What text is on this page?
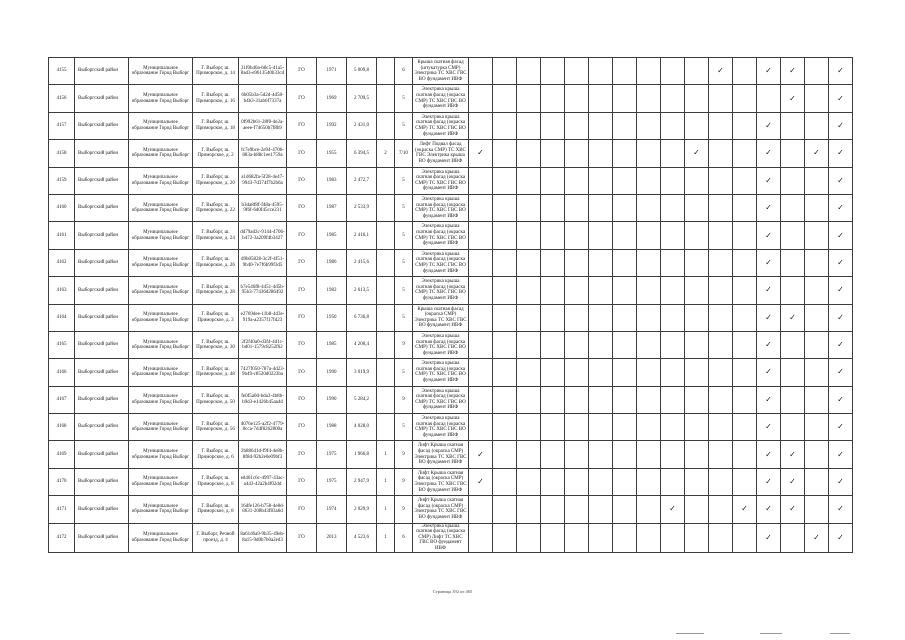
4155	Выборгский район	Муниципальное образование Город Выборг	Г. Выборг, ш. Приморское, д. 14	31f0b40a-b8c5-41a5-8ad3-e9613540b33cd	ГО	1971	5 009,8		6	Крыша скатная фасад (штукатурка СМР) Электрика ТС ХВС ГВС ВО фундамент ИВФ											✓		✓	✓		✓
4156	Выборгский район	Муниципальное образование Город Выборг	Г. Выборг, ш. Приморское, д. 16	6b05b3a-5d2d-4d58-b4b3-31ab6f7337a	ГО	1969	2 709,5		5	Электрика крыша скатная фасад (окраска СМР) ТС ХВС ГВС ВО фундамент ИВФ														✓		✓
4157	Выборгский район	Муниципальное образование Город Выборг	Г. Выборг, ш. Приморское, д. 18	0f992b61-28f0-4e2a-aeee-f74650b7f8b9	ГО	1992	2 431,0		5	Электрика крыша скатная фасад (окраска СМР) ТС ХВС ГВС ВО фундамент ИВФ													✓			✓
4158	Выборгский район	Муниципальное образование Город Выборг	Г. Выборг, ш. Приморское, д. 2	fc7e9bce-2e94-4706-883a-b88c1ee1759a	ГО	1955	6 394,5	2	7/10	Лифт Подвал фасад (окраска СМР) ТС ХВС ГВС Электрика крыша ВО фундамент ИВФ	✓									✓			✓		✓	✓
4159	Выборгский район	Муниципальное образование Город Выборг	Г. Выборг, ш. Приморское, д. 20	a1d682fa-5f28-4e47-9943-7d374f7b2b6a	ГО	1983	2 472,7		5	Электрика крыша скатная фасад (окраска СМР) ТС ХВС ГВС ВО фундамент ИВФ													✓			✓
4160	Выборгский район	Муниципальное образование Город Выборг	Г. Выборг, ш. Приморское, д. 22	b3da8f8f-f48a-4595-9f6f-6d0f45cce231	ГО	1987	2 533,9		5	Электрика крыша скатная фасад (окраска СМР) ТС ХВС ГВС ВО фундамент ИВФ													✓			✓
4161	Выборгский район	Муниципальное образование Город Выборг	Г. Выборг, ш. Приморское, д. 24	dd79ad2c-9144-4706-b472-3a209f4b3427	ГО	1985	2 416,1		5	Электрика крыша скатная фасад (окраска СМР) ТС ХВС ГВС ВО фундамент ИВФ													✓			✓
4162	Выборгский район	Муниципальное образование Город Выборг	Г. Выборг, ш. Приморское, д. 26	d9b05828-3c2f-4f51-9b40-7e7f6b99f3d5	ГО	1986	2 415,6		5	Электрика крыша скатная фасад (окраска СМР) ТС ХВС ГВС ВО фундамент ИВФ													✓			✓
4163	Выборгский район	Муниципальное образование Город Выборг	Г. Выборг, ш. Приморское, д. 28	b7e546f8-4451-4d5b-95b3-77436d286492	ГО	1982	2 613,5		5	Электрика крыша скатная фасад (окраска СМР) ТС ХВС ГВС ВО фундамент ИВФ													✓			✓
4164	Выборгский район	Муниципальное образование Город Выборг	Г. Выборг, ш. Приморское, д. 3	e2769dee-11b8-4d3e-919a-a2357f17fd23	ГО	1950	6 736,8		5	Крыша скатная фасад (окраска СМР) Электрика ТС ХВС ГВС ВО фундамент ИВФ													✓	✓		✓
4165	Выборгский район	Муниципальное образование Город Выборг	Г. Выборг, ш. Приморское, д. 30	2f2f40a0-d3f4-4d1c-bd01-1579c8252f62	ГО	1985	4 200,4		9	Электрика крыша скатная фасад (окраска СМР) ТС ХВС ГВС ВО фундамент ИВФ													✓			✓
4166	Выборгский район	Муниципальное образование Город Выборг	Г. Выборг, ш. Приморское, д. 48	7427f050-787a-4d23-9b49-c8520d0223ba	ГО	1990	3 019,9		5	Электрика крыша скатная фасад (окраска СМР) ТС ХВС ГВС ВО фундамент ИВФ													✓			✓
4167	Выборгский район	Муниципальное образование Город Выборг	Г. Выборг, ш. Приморское, д. 50	fe0f5a0d-bda3-4b8b-b9d3-e1426b45aa4d	ГО	1990	5 284,2		9	Электрика крыша скатная фасад (окраска СМР) ТС ХВС ГВС ВО фундамент ИВФ													✓			✓
4168	Выборгский район	Муниципальное образование Город Выборг	Г. Выборг, ш. Приморское, д. 56	4076e125-a2f2-4779-8cca-7d4f8262800a	ГО	1988	4 028,0		5	Электрика крыша скатная фасад (окраска СМР) ТС ХВС ГВС ВО фундамент ИВФ													✓			✓
4169	Выборгский район	Муниципальное образование Город Выборг	Г. Выборг, ш. Приморское, д. 6	2b88641d-f9f4-4e8b-8f8d-92b2e0e09bf3	ГО	1975	1 966,8	1	9	Лифт Крыша скатная фасад (окраска СМР) Электрика ТС ХВС ГВС ВО фундамент ИВФ	✓												✓	✓		✓
4170	Выборгский район	Муниципальное образование Город Выборг	Г. Выборг, ш. Приморское, д. 8	ed461c6c-4997-43ac-a443-42a2b4f02dd	ГО	1975	2 947,9	1	9	Лифт Крыша скатная фасад (окраска СМР) Электрика ТС ХВС ГВС ВО фундамент ИВФ	✓												✓	✓		✓
4171	Выборгский район	Муниципальное образование Город Выборг	Г. Выборг, ш. Приморское, д. 8	16dfe126-b758-4e8d-8631-208b43f83a6d	ГО	1974	2 029,9	1	9	Лифт Крыша скатная фасад (окраска СМР) Электрика ТС ХВС ГВС ВО фундамент ИВФ									✓			✓	✓	✓		✓
4172	Выборгский район	Муниципальное образование Город Выборг	Г. Выборг, Речной проезд, д. 4	8a61d6a9-9b35-49eb-8a15-9d0b7b0a2ed3	ГО	2013	4 523,6	1	6	Электрика крыша скатная фасад (окраска СМР) Лифт ТС ХВС ГВС ВО фундамент ИВФ													✓		✓	✓
Страница 392 из 465
